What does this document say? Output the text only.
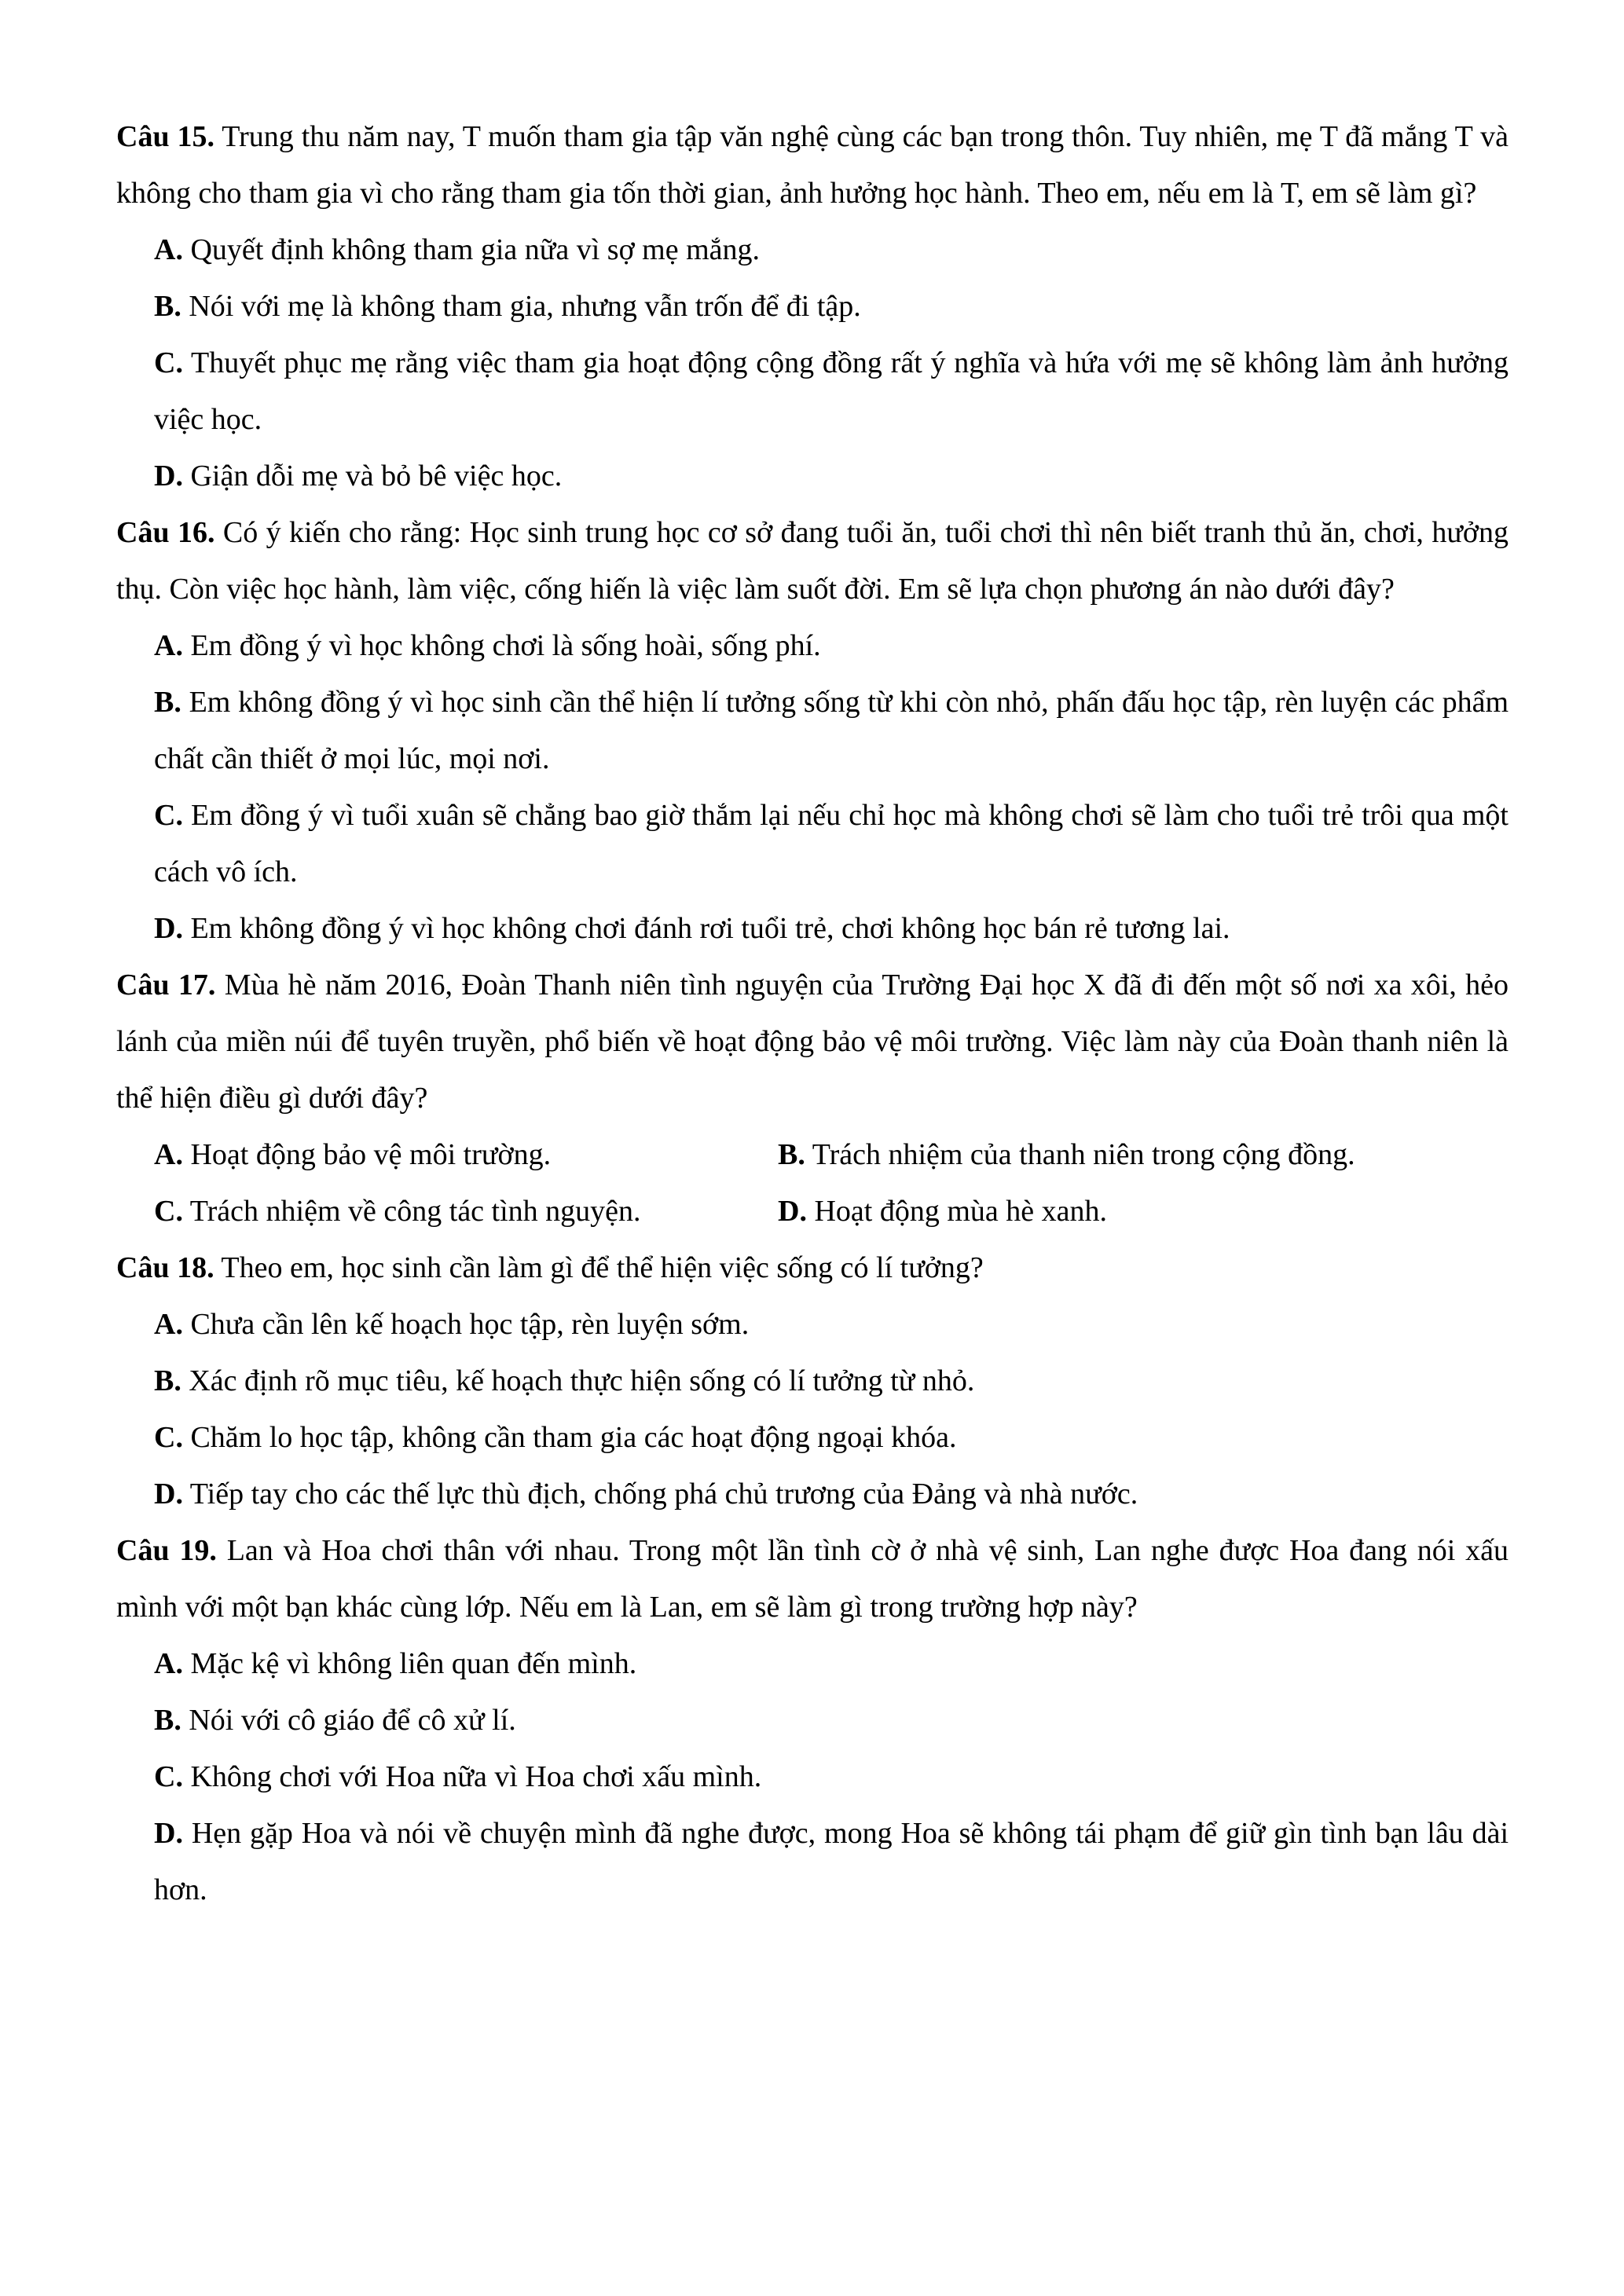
Câu 15. Trung thu năm nay, T muốn tham gia tập văn nghệ cùng các bạn trong thôn. Tuy nhiên, mẹ T đã mắng T và không cho tham gia vì cho rằng tham gia tốn thời gian, ảnh hưởng học hành. Theo em, nếu em là T, em sẽ làm gì?

A. Quyết định không tham gia nữa vì sợ mẹ mắng.

B. Nói với mẹ là không tham gia, nhưng vẫn trốn để đi tập.

C. Thuyết phục mẹ rằng việc tham gia hoạt động cộng đồng rất ý nghĩa và hứa với mẹ sẽ không làm ảnh hưởng việc học.

D. Giận dỗi mẹ và bỏ bê việc học.

Câu 16. Có ý kiến cho rằng: Học sinh trung học cơ sở đang tuổi ăn, tuổi chơi thì nên biết tranh thủ ăn, chơi, hưởng thụ. Còn việc học hành, làm việc, cống hiến là việc làm suốt đời. Em sẽ lựa chọn phương án nào dưới đây?

A. Em đồng ý vì học không chơi là sống hoài, sống phí.

B. Em không đồng ý vì học sinh cần thể hiện lí tưởng sống từ khi còn nhỏ, phấn đấu học tập, rèn luyện các phẩm chất cần thiết ở mọi lúc, mọi nơi.

C. Em đồng ý vì tuổi xuân sẽ chẳng bao giờ thắm lại nếu chỉ học mà không chơi sẽ làm cho tuổi trẻ trôi qua một cách vô ích.

D. Em không đồng ý vì học không chơi đánh rơi tuổi trẻ, chơi không học bán rẻ tương lai.

Câu 17. Mùa hè năm 2016, Đoàn Thanh niên tình nguyện của Trường Đại học X đã đi đến một số nơi xa xôi, hẻo lánh của miền núi để tuyên truyền, phổ biến về hoạt động bảo vệ môi trường. Việc làm này của Đoàn thanh niên là thể hiện điều gì dưới đây?

A. Hoạt động bảo vệ môi trường.	B. Trách nhiệm của thanh niên trong cộng đồng.
C. Trách nhiệm về công tác tình nguyện.	D. Hoạt động mùa hè xanh.

Câu 18. Theo em, học sinh cần làm gì để thể hiện việc sống có lí tưởng?

A. Chưa cần lên kế hoạch học tập, rèn luyện sớm.

B. Xác định rõ mục tiêu, kế hoạch thực hiện sống có lí tưởng từ nhỏ.

C. Chăm lo học tập, không cần tham gia các hoạt động ngoại khóa.

D. Tiếp tay cho các thế lực thù địch, chống phá chủ trương của Đảng và nhà nước.

Câu 19. Lan và Hoa chơi thân với nhau. Trong một lần tình cờ ở nhà vệ sinh, Lan nghe được Hoa đang nói xấu mình với một bạn khác cùng lớp. Nếu em là Lan, em sẽ làm gì trong trường hợp này?

A. Mặc kệ vì không liên quan đến mình.

B. Nói với cô giáo để cô xử lí.

C. Không chơi với Hoa nữa vì Hoa chơi xấu mình.

D. Hẹn gặp Hoa và nói về chuyện mình đã nghe được, mong Hoa sẽ không tái phạm để giữ gìn tình bạn lâu dài hơn.
